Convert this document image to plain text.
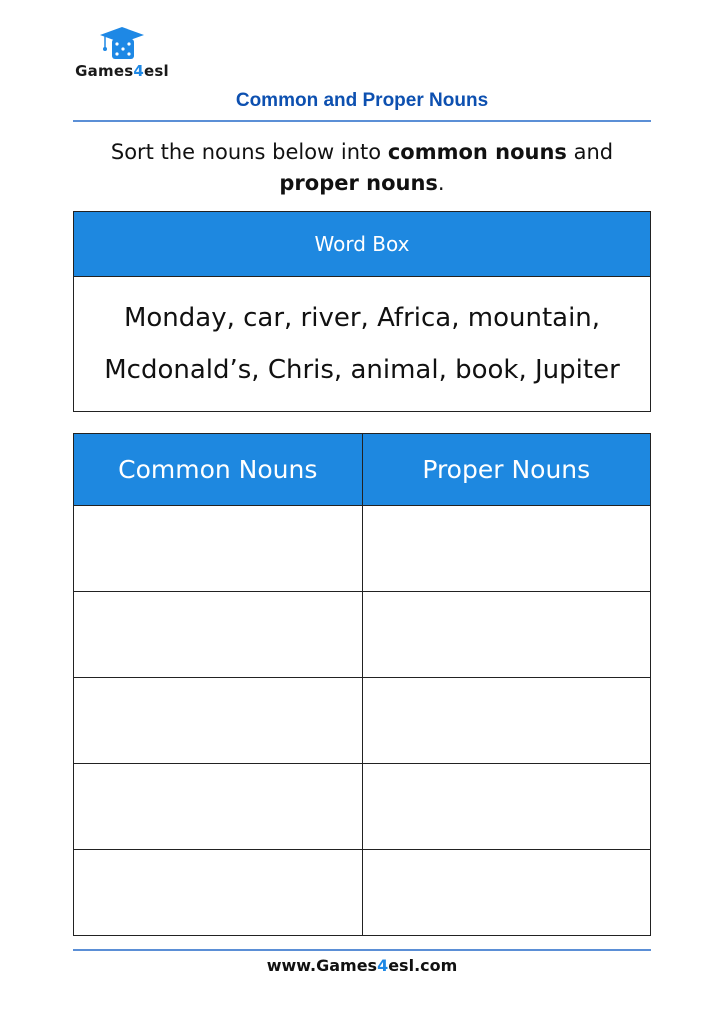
Games4esl
Common and Proper Nouns
Sort the nouns below into common nouns and
proper nouns.
Word Box
Monday, car, river, Africa, mountain,
Mcdonald’s, Chris, animal, book, Jupiter
Common Nouns	Proper Nouns

www.Games4esl.com
